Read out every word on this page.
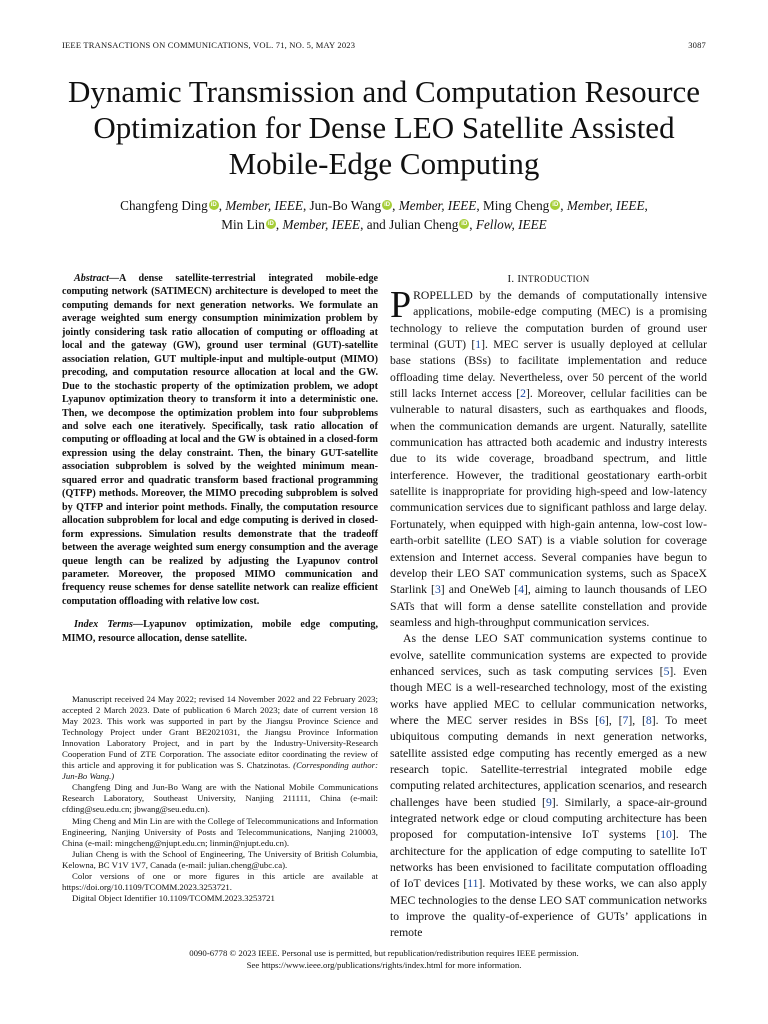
IEEE TRANSACTIONS ON COMMUNICATIONS, VOL. 71, NO. 5, MAY 2023	3087
Dynamic Transmission and Computation Resource Optimization for Dense LEO Satellite Assisted Mobile-Edge Computing
Changfeng Ding iD , Member, IEEE, Jun-Bo Wang iD , Member, IEEE, Ming Cheng iD , Member, IEEE,
Min Lin iD , Member, IEEE, and Julian Cheng iD , Fellow, IEEE

Abstract—A dense satellite-terrestrial integrated mobile-edge computing network (SATIMECN) architecture is developed to meet the computing demands for next generation networks. We formulate an average weighted sum energy consumption minimization problem by jointly considering task ratio allocation of computing or offloading at local and the gateway (GW), ground user terminal (GUT)-satellite association relation, GUT multiple-input and multiple-output (MIMO) precoding, and computation resource allocation at local and the GW. Due to the stochastic property of the optimization problem, we adopt Lyapunov optimization theory to transform it into a deterministic one. Then, we decompose the optimization problem into four subproblems and solve each one iteratively. Specifically, task ratio allocation of computing or offloading at local and the GW is obtained in a closed-form expression using the delay constraint. Then, the binary GUT-satellite association subproblem is solved by the weighted minimum mean-squared error and quadratic transform based fractional programming (QTFP) methods. Moreover, the MIMO precoding subproblem is solved by QTFP and interior point methods. Finally, the computation resource allocation subproblem for local and edge computing is derived in closed-form expressions. Simulation results demonstrate that the tradeoff between the average weighted sum energy consumption and the average queue length can be realized by adjusting the Lyapunov control parameter. Moreover, the proposed MIMO communication and frequency reuse schemes for dense satellite network can realize efficient computation offloading with relative low cost.

Index Terms—Lyapunov optimization, mobile edge computing, MIMO, resource allocation, dense satellite.

Manuscript received 24 May 2022; revised 14 November 2022 and 22 February 2023; accepted 2 March 2023. Date of publication 6 March 2023; date of current version 18 May 2023. This work was supported in part by the Jiangsu Province Science and Technology Project under Grant BE2021031, the Jiangsu Province Information Innovation Laboratory Project, and in part by the Industry-University-Research Cooperation Fund of ZTE Corporation. The associate editor coordinating the review of this article and approving it for publication was S. Chatzinotas. (Corresponding author: Jun-Bo Wang.)

Changfeng Ding and Jun-Bo Wang are with the National Mobile Communications Research Laboratory, Southeast University, Nanjing 211111, China (e-mail: cfding@seu.edu.cn; jbwang@seu.edu.cn).

Ming Cheng and Min Lin are with the College of Telecommunications and Information Engineering, Nanjing University of Posts and Telecommunications, Nanjing 210003, China (e-mail: mingcheng@njupt.edu.cn; linmin@njupt.edu.cn).

Julian Cheng is with the School of Engineering, The University of British Columbia, Kelowna, BC V1V 1V7, Canada (e-mail: julian.cheng@ubc.ca).

Color versions of one or more figures in this article are available at https://doi.org/10.1109/TCOMM.2023.3253721.

Digital Object Identifier 10.1109/TCOMM.2023.3253721

I. INTRODUCTION

PROPELLED by the demands of computationally intensive applications, mobile-edge computing (MEC) is a promising technology to relieve the computation burden of ground user terminal (GUT) [1]. MEC server is usually deployed at cellular base stations (BSs) to facilitate implementation and reduce offloading time delay. Nevertheless, over 50 percent of the world still lacks Internet access [2]. Moreover, cellular facilities can be vulnerable to natural disasters, such as earthquakes and floods, when the communication demands are urgent. Naturally, satellite communication has attracted both academic and industry interests due to its wide coverage, broadband spectrum, and little interference. However, the traditional geostationary earth-orbit satellite is inappropriate for providing high-speed and low-latency communication services due to significant pathloss and large delay. Fortunately, when equipped with high-gain antenna, low-cost low-earth-orbit satellite (LEO SAT) is a viable solution for coverage extension and Internet access. Several companies have begun to develop their LEO SAT communication systems, such as SpaceX Starlink [3] and OneWeb [4], aiming to launch thousands of LEO SATs that will form a dense satellite constellation and provide seamless and high-throughput communication services.

As the dense LEO SAT communication systems continue to evolve, satellite communication systems are expected to provide enhanced services, such as task computing services [5]. Even though MEC is a well-researched technology, most of the existing works have applied MEC to cellular communication networks, where the MEC server resides in BSs [6], [7], [8]. To meet ubiquitous computing demands in next generation networks, satellite assisted edge computing has recently emerged as a new research topic. Satellite-terrestrial integrated mobile edge computing related architectures, application scenarios, and research challenges have been studied [9]. Similarly, a space-air-ground integrated network edge or cloud computing architecture has been proposed for computation-intensive IoT systems [10]. The architecture for the application of edge computing to satellite IoT networks has been envisioned to facilitate computation offloading of IoT devices [11]. Motivated by these works, we can also apply MEC technologies to the dense LEO SAT communication networks to improve the quality-of-experience of GUTs’ applications in remote

0090-6778 © 2023 IEEE. Personal use is permitted, but republication/redistribution requires IEEE permission.
See https://www.ieee.org/publications/rights/index.html for more information.
